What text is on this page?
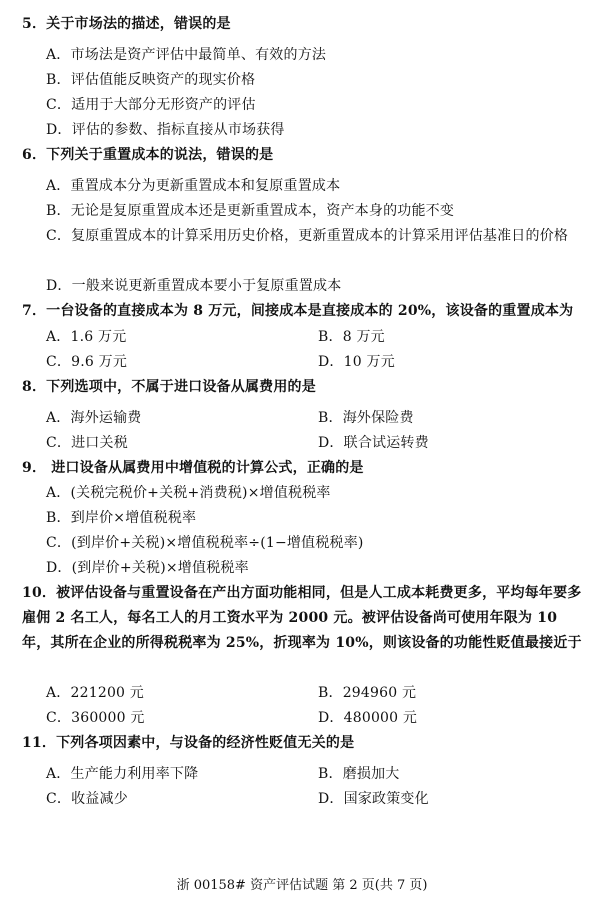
5．关于市场法的描述，错误的是
A．市场法是资产评估中最简单、有效的方法
B．评估值能反映资产的现实价格
C．适用于大部分无形资产的评估
D．评估的参数、指标直接从市场获得
6．下列关于重置成本的说法，错误的是
A．重置成本分为更新重置成本和复原重置成本
B．无论是复原重置成本还是更新重置成本，资产本身的功能不变
C．复原重置成本的计算采用历史价格，更新重置成本的计算采用评估基准日的价格
D．一般来说更新重置成本要小于复原重置成本
7．一台设备的直接成本为 8 万元，间接成本是直接成本的 20%，该设备的重置成本为
A．1.6 万元	B．8 万元
C．9.6 万元	D．10 万元
8．下列选项中，不属于进口设备从属费用的是
A．海外运输费	B．海外保险费
C．进口关税	D．联合试运转费
9． 进口设备从属费用中增值税的计算公式，正确的是
A．(关税完税价+关税+消费税)×增值税税率
B．到岸价×增值税税率
C．(到岸价+关税)×增值税税率÷(1−增值税税率)
D．(到岸价+关税)×增值税税率
10．被评估设备与重置设备在产出方面功能相同，但是人工成本耗费更多，平均每年要多雇佣 2 名工人，每名工人的月工资水平为 2000 元。被评估设备尚可使用年限为 10 年，其所在企业的所得税税率为 25%，折现率为 10%，则该设备的功能性贬值最接近于
A．221200 元	B．294960 元
C．360000 元	D．480000 元
11．下列各项因素中，与设备的经济性贬值无关的是
A．生产能力利用率下降	B．磨损加大
C．收益减少	D．国家政策变化
浙 00158# 资产评估试题 第 2 页(共 7 页)
